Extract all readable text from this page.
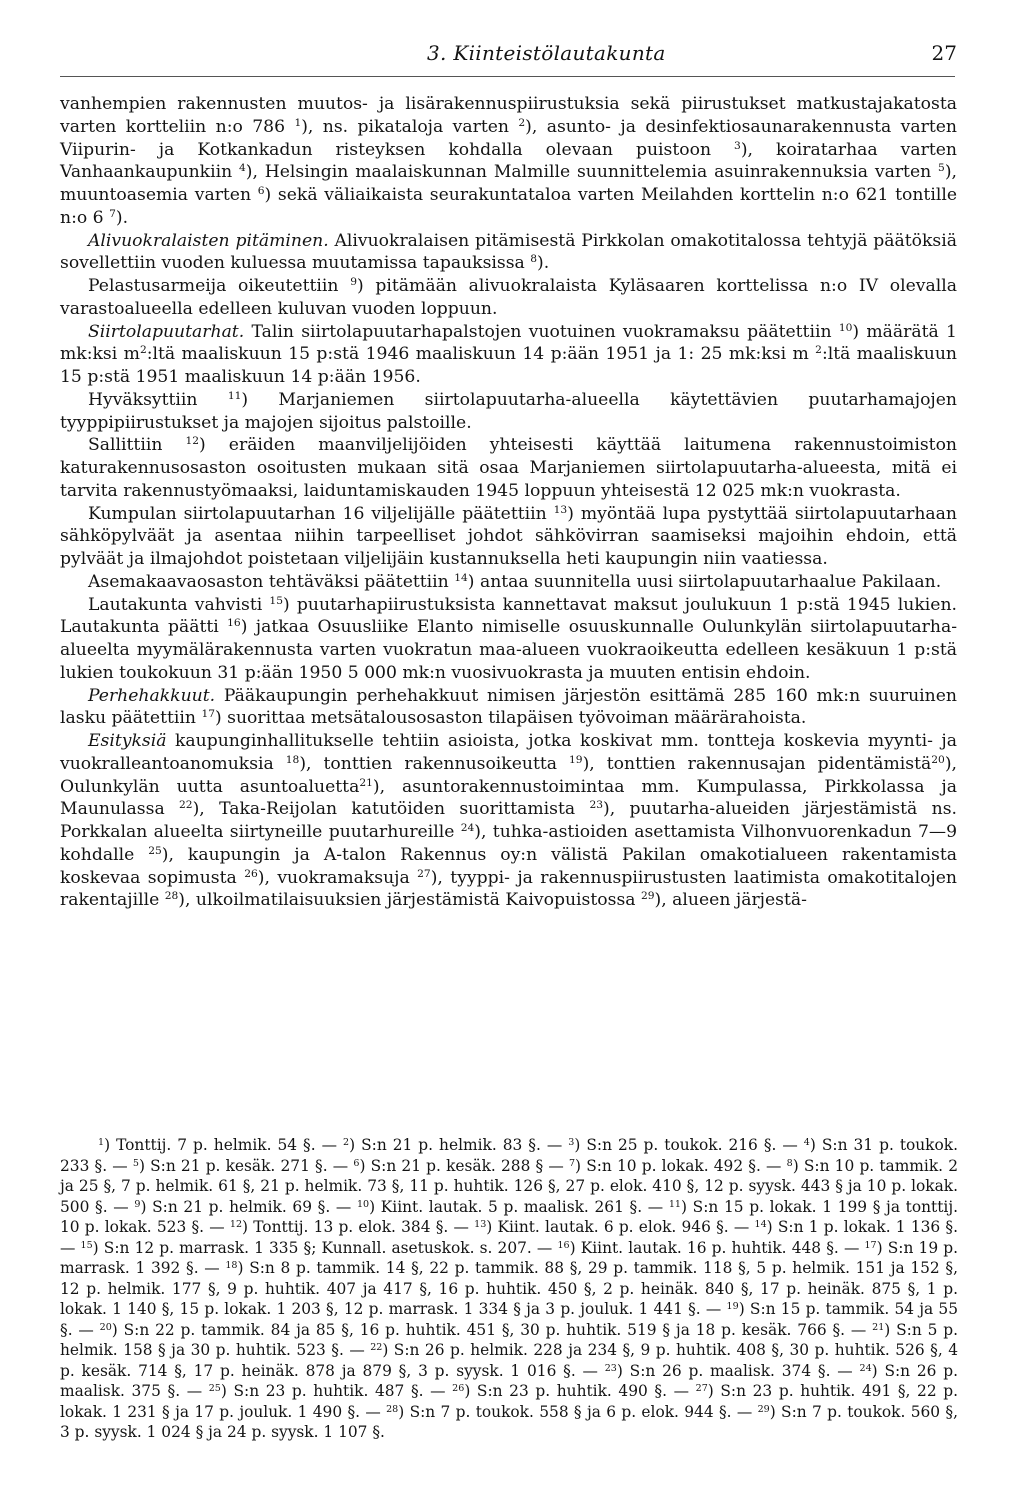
3. Kiinteistölautakunta	27

vanhempien rakennusten muutos- ja lisärakennuspiirustuksia sekä piirustukset matkustajakatosta varten kortteliin n:o 786 $^1$), ns. pikataloja varten $^2$), asunto- ja desinfektiosaunarakennusta varten Viipurin- ja Kotkankadun risteyksen kohdalla olevaan puistoon $^3$), koiratarhaa varten Vanhaankaupunkiin $^4$), Helsingin maalaiskunnan Malmille suunnittelemia asuinrakennuksia varten $^5$), muuntoasemia varten $^6$) sekä väliaikaista seurakuntataloa varten Meilahden korttelin n:o 621 tontille n:o 6 $^7$).

Alivuokralaisten pitäminen. Alivuokralaisen pitämisestä Pirkkolan omakotitalossa tehtyjä päätöksiä sovellettiin vuoden kuluessa muutamissa tapauksissa $^8$).

Pelastusarmeija oikeutettiin $^9$) pitämään alivuokralaista Kyläsaaren korttelissa n:o IV olevalla varastoalueella edelleen kuluvan vuoden loppuun.

Siirtolapuutarhat. Talin siirtolapuutarhapalstojen vuotuinen vuokramaksu päätettiin $^{10}$) määrätä 1 mk:ksi $m^2:ltä$ maaliskuun 15 p:stä 1946 maaliskuun 14 p:ään 1951 ja 1: 25 mk:ksi m $^2$:ltä maaliskuun 15 p:stä 1951 maaliskuun 14 p:ään 1956.

Hyväksyttiin $^{11}$) Marjaniemen siirtolapuutarha-alueella käytettävien puutarhamajojen tyyppipiirustukset ja majojen sijoitus palstoille.

Sallittiin $^{12}$) eräiden maanviljelijöiden yhteisesti käyttää laitumena rakennustoimiston katurakennusosaston osoitusten mukaan sitä osaa Marjaniemen siirtolapuutarha-alueesta, mitä ei tarvita rakennustyömaaksi, laiduntamiskauden 1945 loppuun yhteisestä 12 025 mk:n vuokrasta.

Kumpulan siirtolapuutarhan 16 viljelijälle päätettiin $^{13}$) myöntää lupa pystyttää siirtolapuutarhaan sähköpylväät ja asentaa niihin tarpeelliset johdot sähkövirran saamiseksi majoihin ehdoin, että pylväät ja ilmajohdot poistetaan viljelijäin kustannuksella heti kaupungin niin vaatiessa.

Asemakaavaosaston tehtäväksi päätettiin $^{14}$) antaa suunnitella uusi siirtolapuutarhaalue Pakilaan.

Lautakunta vahvisti $^{15}$) puutarhapiirustuksista kannettavat maksut joulukuun 1 p:stä 1945 lukien. Lautakunta päätti $^{16}$) jatkaa Osuusliike Elanto nimiselle osuuskunnalle Oulunkylän siirtolapuutarha-alueelta myymälärakennusta varten vuokratun maa-alueen vuokraoikeutta edelleen kesäkuun 1 p:stä lukien toukokuun 31 p:ään 1950 5 000 mk:n vuosivuokrasta ja muuten entisin ehdoin.

Perhehakkuut. Pääkaupungin perhehakkuut nimisen järjestön esittämä 285 160 mk:n suuruinen lasku päätettiin $^{17}$) suorittaa metsätalousosaston tilapäisen työvoiman määrärahoista.

Esityksiä kaupunginhallitukselle tehtiin asioista, jotka koskivat mm. tontteja koskevia myynti- ja vuokralleantoanomuksia $^{18}$), tonttien rakennusoikeutta $^{19}$), tonttien rakennusajan pidentämistä$^{20}$), Oulunkylän uutta asuntoaluetta$^{21}$), asuntorakennustoimintaa mm. Kumpulassa, Pirkkolassa ja Maunulassa $^{22}$), Taka-Reijolan katutöiden suorittamista $^{23}$), puutarha-alueiden järjestämistä ns. Porkkalan alueelta siirtyneille puutarhureille $^{24}$), tuhka-astioiden asettamista Vilhonvuorenkadun 7—9 kohdalle $^{25}$), kaupungin ja A-talon Rakennus oy:n välistä Pakilan omakotialueen rakentamista koskevaa sopimusta $^{26}$), vuokramaksuja $^{27}$), tyyppi- ja rakennuspiirustusten laatimista omakotitalojen rakentajille $^{28}$), ulkoilmatilaisuuksien järjestämistä Kaivopuistossa $^{29}$), alueen järjestä-

$^1$) Tonttij. 7 p. helmik. 54 §. — $^2$) S:n 21 p. helmik. 83 §. — $^3$) S:n 25 p. toukok. 216 §. — $^4$) S:n 31 p. toukok. 233 §. — $^5$) S:n 21 p. kesäk. 271 §. — $^6$) S:n 21 p. kesäk. 288 § — $^7$) S:n 10 p. lokak. 492 §. — $^8$) S:n 10 p. tammik. 2 ja 25 §, 7 p. helmik. 61 §, 21 p. helmik. 73 §, 11 p. huhtik. 126 §, 27 p. elok. 410 §, 12 p. syysk. 443 § ja 10 p. lokak. 500 §. — $^9$) S:n 21 p. helmik. 69 §. — $^{10}$) Kiint. lautak. 5 p. maalisk. 261 §. — $^{11}$) S:n 15 p. lokak. 1 199 § ja tonttij. 10 p. lokak. 523 §. — $^{12}$) Tonttij. 13 p. elok. 384 §. — $^{13}$) Kiint. lautak. 6 p. elok. 946 §. — $^{14}$) S:n 1 p. lokak. 1 136 §. — $^{15}$) S:n 12 p. marrask. 1 335 §; Kunnall. asetuskok. s. 207. — $^{16}$) Kiint. lautak. 16 p. huhtik. 448 §. — $^{17}$) S:n 19 p. marrask. 1 392 §. — $^{18}$) S:n 8 p. tammik. 14 §, 22 p. tammik. 88 §, 29 p. tammik. 118 §, 5 p. helmik. 151 ja 152 §, 12 p. helmik. 177 §, 9 p. huhtik. 407 ja 417 §, 16 p. huhtik. 450 §, 2 p. heinäk. 840 §, 17 p. heinäk. 875 §, 1 p. lokak. 1 140 §, 15 p. lokak. 1 203 §, 12 p. marrask. 1 334 § ja 3 p. jouluk. 1 441 §. — $^{19}$) S:n 15 p. tammik. 54 ja 55 §. — $^{20}$) S:n 22 p. tammik. 84 ja 85 §, 16 p. huhtik. 451 §, 30 p. huhtik. 519 § ja 18 p. kesäk. 766 §. — $^{21}$) S:n 5 p. helmik. 158 § ja 30 p. huhtik. 523 §. — $^{22}$) S:n 26 p. helmik. 228 ja 234 §, 9 p. huhtik. 408 §, 30 p. huhtik. 526 §, 4 p. kesäk. 714 §, 17 p. heinäk. 878 ja 879 §, 3 p. syysk. 1 016 §. — $^{23}$) S:n 26 p. maalisk. 374 §. — $^{24}$) S:n 26 p. maalisk. 375 §. — $^{25}$) S:n 23 p. huhtik. 487 §. — $^{26}$) S:n 23 p. huhtik. 490 §. — $^{27}$) S:n 23 p. huhtik. 491 §, 22 p. lokak. 1 231 § ja 17 p. jouluk. 1 490 §. — $^{28}$) S:n 7 p. toukok. 558 § ja 6 p. elok. 944 §. — $^{29}$) S:n 7 p. toukok. 560 §, 3 p. syysk. 1 024 § ja 24 p. syysk. 1 107 §.
